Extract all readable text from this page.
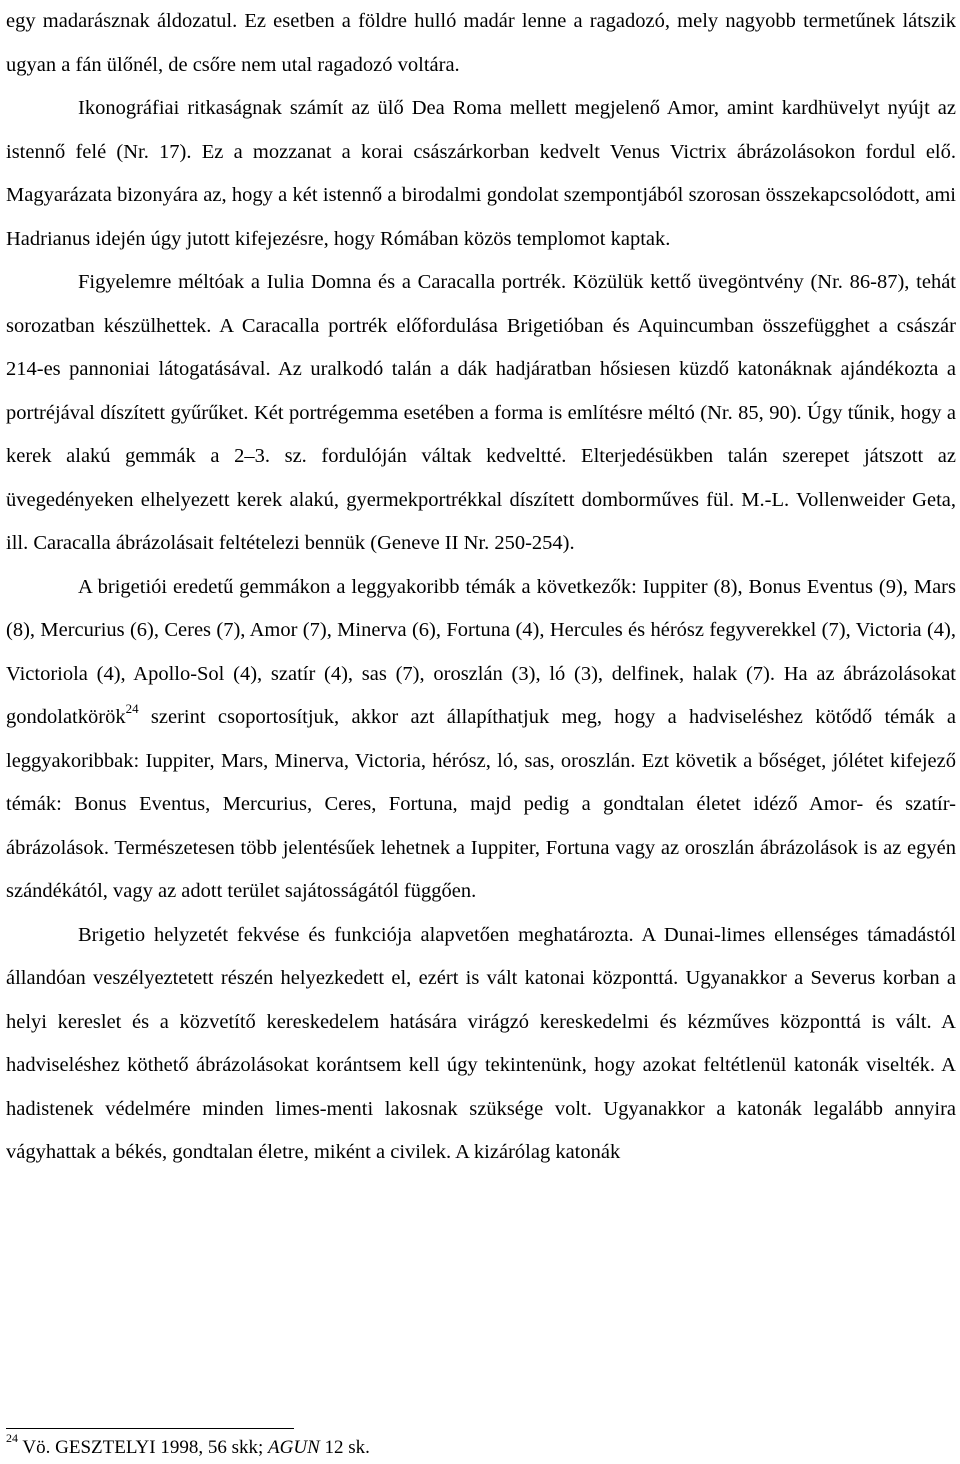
egy madarásznak áldozatul. Ez esetben a földre hulló madár lenne a ragadozó, mely nagyobb termetűnek látszik ugyan a fán ülőnél, de csőre nem utal ragadozó voltára.

Ikonográfiai ritkaságnak számít az ülő Dea Roma mellett megjelenő Amor, amint kardhüvelyt nyújt az istennő felé (Nr. 17). Ez a mozzanat a korai császárkorban kedvelt Venus Victrix ábrázolásokon fordul elő. Magyarázata bizonyára az, hogy a két istennő a birodalmi gondolat szempontjából szorosan összekapcsolódott, ami Hadrianus idején úgy jutott kifejezésre, hogy Rómában közös templomot kaptak.

Figyelemre méltóak a Iulia Domna és a Caracalla portrék. Közülük kettő üvegöntvény (Nr. 86-87), tehát sorozatban készülhettek. A Caracalla portrék előfordulása Brigetióban és Aquincumban összefügghet a császár 214-es pannoniai látogatásával. Az uralkodó talán a dák hadjáratban hősiesen küzdő katonáknak ajándékozta a portréjával díszített gyűrűket. Két portrégemma esetében a forma is említésre méltó (Nr. 85, 90). Úgy tűnik, hogy a kerek alakú gemmák a 2–3. sz. fordulóján váltak kedveltté. Elterjedésükben talán szerepet játszott az üvegedényeken elhelyezett kerek alakú, gyermekportrékkal díszített domborműves fül. M.-L. Vollenweider Geta, ill. Caracalla ábrázolásait feltételezi bennük (Geneve II Nr. 250-254).

A brigetiói eredetű gemmákon a leggyakoribb témák a következők: Iuppiter (8), Bonus Eventus (9), Mars (8), Mercurius (6), Ceres (7), Amor (7), Minerva (6), Fortuna (4), Hercules és hérósz fegyverekkel (7), Victoria (4), Victoriola (4), Apollo-Sol (4), szatír (4), sas (7), oroszlán (3), ló (3), delfinek, halak (7). Ha az ábrázolásokat gondolatkörök$^{24}$ szerint csoportosítjuk, akkor azt állapíthatjuk meg, hogy a hadviseléshez kötődő témák a leggyakoribbak: Iuppiter, Mars, Minerva, Victoria, hérósz, ló, sas, oroszlán. Ezt követik a bőséget, jólétet kifejező témák: Bonus Eventus, Mercurius, Ceres, Fortuna, majd pedig a gondtalan életet idéző Amor- és szatír-ábrázolások. Természetesen több jelentésűek lehetnek a Iuppiter, Fortuna vagy az oroszlán ábrázolások is az egyén szándékától, vagy az adott terület sajátosságától függően.

Brigetio helyzetét fekvése és funkciója alapvetően meghatározta. A Dunai-limes ellenséges támadástól állandóan veszélyeztetett részén helyezkedett el, ezért is vált katonai központtá. Ugyanakkor a Severus korban a helyi kereslet és a közvetítő kereskedelem hatására virágzó kereskedelmi és kézműves központtá is vált. A hadviseléshez köthető ábrázolásokat korántsem kell úgy tekintenünk, hogy azokat feltétlenül katonák viselték. A hadistenek védelmére minden limes-menti lakosnak szüksége volt. Ugyanakkor a katonák legalább annyira vágyhattak a békés, gondtalan életre, miként a civilek. A kizárólag katonák

$^{24}$ Vö. GESZTELYI 1998, 56 skk; AGUN 12 sk.
